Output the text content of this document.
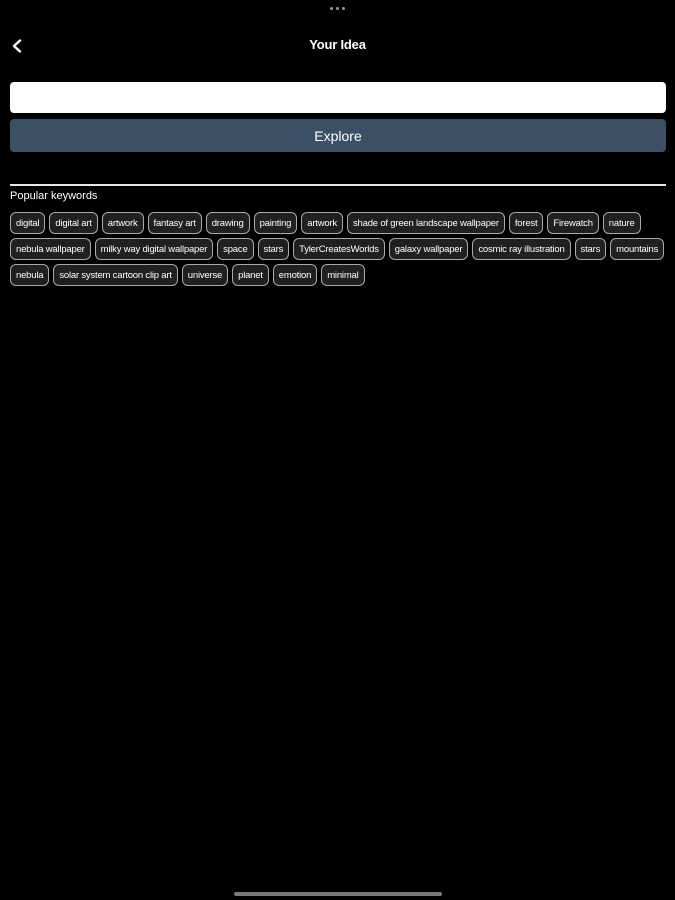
Your Idea
Explore
Popular keywords
digital	digital art	artwork	fantasy art	drawing	painting	artwork	shade of green landscape wallpaper	forest	Firewatch	nature
nebula wallpaper	milky way digital wallpaper	space	stars	TylerCreatesWorlds	galaxy wallpaper	cosmic ray illustration	stars	mountains
nebula	solar system cartoon clip art	universe	planet	emotion	minimal
